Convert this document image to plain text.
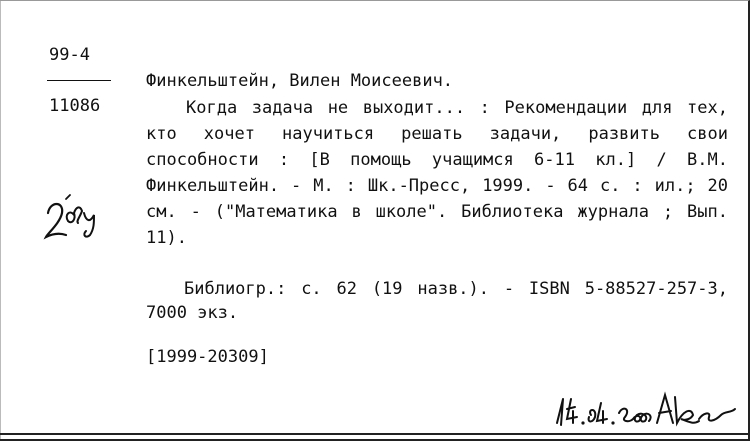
99-4
11086
Финкельштейн, Вилен Моисеевич.
Когда задача не выходит... : Рекомендации для тех, кто хочет научиться решать задачи, развить свои способности : [В помощь учащимся 6-11 кл.] / В.М. Финкельштейн. - М. : Шк.-Пресс, 1999. - 64 с. : ил.; 20 см. - ("Математика в школе". Библиотека журнала ; Вып. 11).
Библиогр.: с. 62 (19 назв.). - ISBN 5-88527-257-3, 7000 экз.
[1999-20309]
